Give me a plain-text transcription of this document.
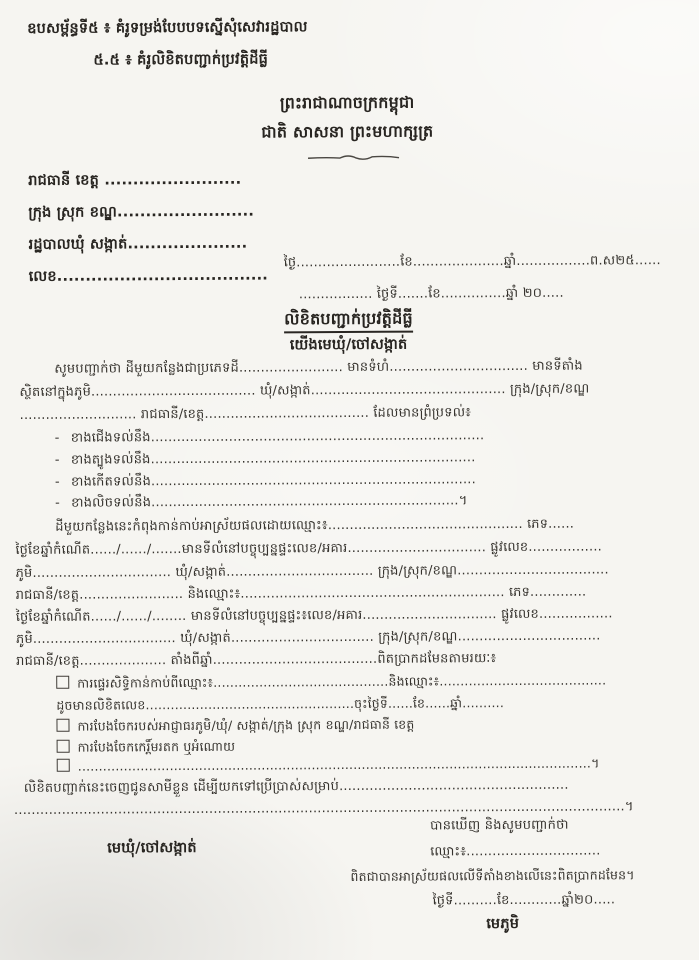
ឧបសម្ព័ន្ធទី៥ ៖ គំរូទម្រង់បែបបទស្នើសុំសេវារដ្ឋបាល
៥.៥ ៖ គំរូលិខិតបញ្ជាក់ប្រវត្តិដីធ្លី
ព្រះរាជាណាចក្រកម្ពុជា
ជាតិ សាសនា ព្រះមហាក្សត្រ
រាជធានី ខេត្ត ........................
ក្រុង ស្រុក ខណ្ឌ........................
រដ្ឋបាលឃុំ សង្កាត់.....................
លេខ.....................................
ថ្ងៃ........................ខែ.....................ឆ្នាំ.................ព.ស២៥......
................. ថ្ងៃទី.......ខែ...............ឆ្នាំ ២០.....
លិខិតបញ្ជាក់ប្រវត្តិដីធ្លី
យើងមេឃុំ/ចៅសង្កាត់
សូមបញ្ជាក់ថា ដីមួយកន្លែងជាប្រភេទដី........................ មានទំហំ................................ មានទីតាំង
ស្ថិតនៅក្នុងភូមិ...................................... ឃុំ/សង្កាត់............................................. ក្រុង/ស្រុក/ខណ្ឌ
........................... រាជធានី/ខេត្ត...................................... ដែលមានព្រំប្រទល់៖
- ខាងជើងទល់នឹង.............................................................................
- ខាងត្បូងទល់នឹង...........................................................................
- ខាងកើតទល់នឹង...........................................................................
- ខាងលិចទល់នឹង.......................................................................។
ដីមួយកន្លែងនេះកំពុងកាន់កាប់អាស្រ័យផលដោយឈ្មោះ៖............................................. ភេទ......
ថ្ងៃខែឆ្នាំកំណើត....../....../.......មានទីលំនៅបច្ចុប្បន្នផ្ទះលេខ/អគារ................................ ផ្លូវលេខ.................
ភូមិ................................ ឃុំ/សង្កាត់.................................. ក្រុង/ស្រុក/ខណ្ឌ...................................
រាជធានី/ខេត្ត........................ និងឈ្មោះ៖............................................................. ភេទ.............
ថ្ងៃខែឆ្នាំកំណើត....../....../........ មានទីលំនៅបច្ចុប្បន្នផ្ទះ៖លេខ/អគារ............................... ផ្លូវលេខ.................
ភូមិ................................. ឃុំ/សង្កាត់................................. ក្រុង/ស្រុក/ខណ្ឌ.................................
រាជធានី/ខេត្ត.................... តាំងពីឆ្នាំ......................................ពិតប្រាកដមែនតាមរយៈ៖
ការផ្ទេរសិទ្ធិកាន់កាប់ពីឈ្មោះ៖..........................................និងឈ្មោះ៖........................................
ដូចមានលិខិតលេខ..................................................ចុះថ្ងៃទី......ខែ......ឆ្នាំ..........
ការបែងចែករបស់អាជ្ញាធរភូមិ/ឃុំ/ សង្កាត់/ក្រុង ស្រុក ខណ្ឌ/រាជធានី ខេត្ត
ការបែងចែកកេរ្តិ៍មរតក ឬអំណោយ
...........................................................................................................................។
លិខិតបញ្ជាក់នេះចេញជូនសាមីខ្លួន ដើម្បីយកទៅប្រើប្រាស់សម្រាប់.....................................................
.............................................................................................................................................។
មេឃុំ/ចៅសង្កាត់
បានឃើញ និងសូមបញ្ជាក់ថា
ឈ្មោះ៖...............................
ពិតជាបានអាស្រ័យផលលើទីតាំងខាងលើនេះពិតប្រាកដមែន។
ថ្ងៃទី..........ខែ............ឆ្នាំ២០.....
មេភូមិ
